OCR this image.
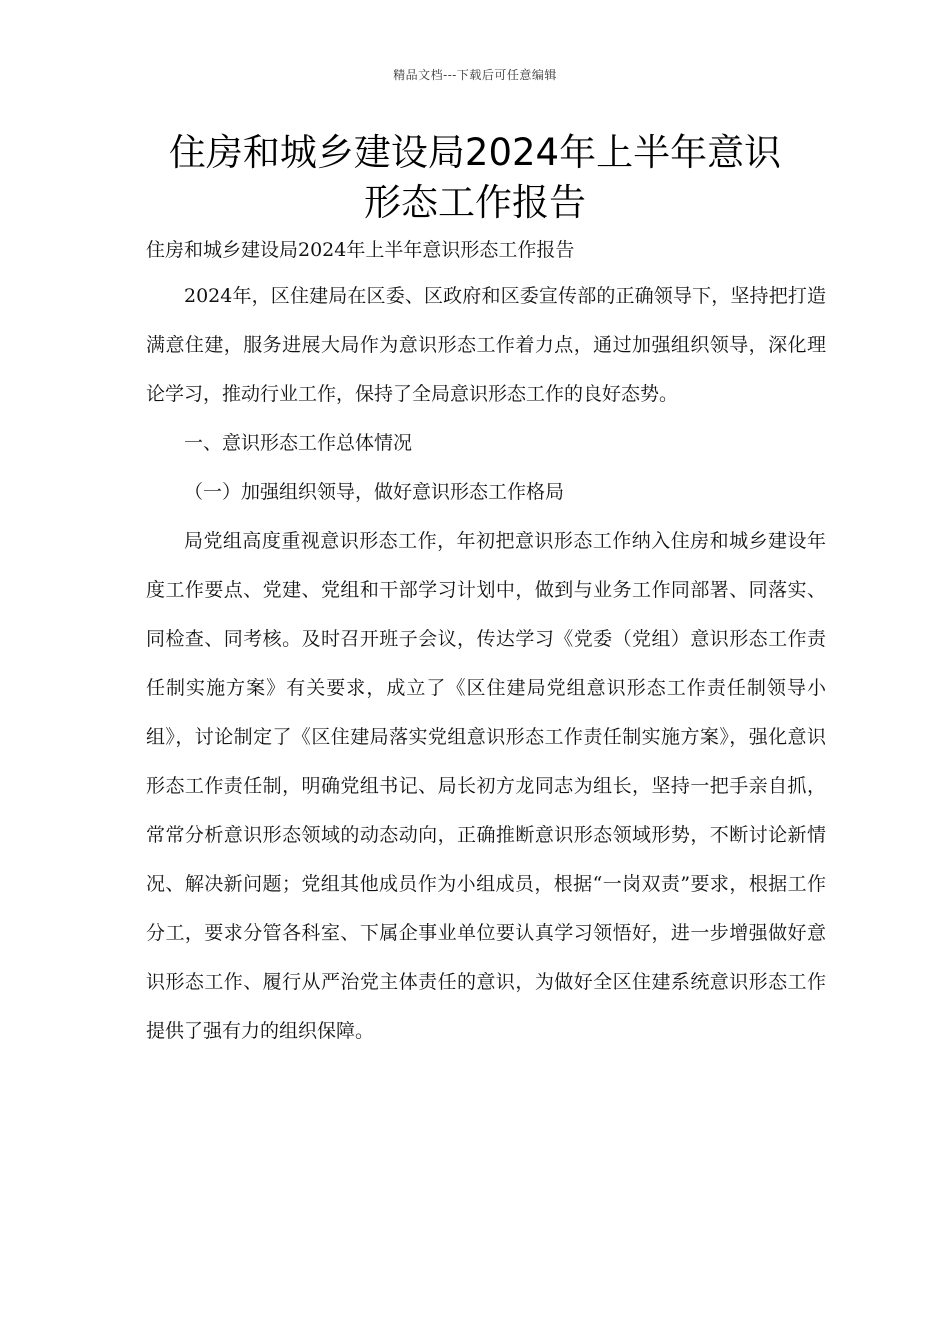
精品文档---下载后可任意编辑
住房和城乡建设局2024年上半年意识
形态工作报告

住房和城乡建设局2024年上半年意识形态工作报告

2024年，区住建局在区委、区政府和区委宣传部的正确领导下，坚持把打造满意住建，服务进展大局作为意识形态工作着力点，通过加强组织领导，深化理论学习，推动行业工作，保持了全局意识形态工作的良好态势。

一、意识形态工作总体情况

（一）加强组织领导，做好意识形态工作格局

局党组高度重视意识形态工作，年初把意识形态工作纳入住房和城乡建设年度工作要点、党建、党组和干部学习计划中，做到与业务工作同部署、同落实、同检查、同考核。及时召开班子会议，传达学习《党委（党组）意识形态工作责任制实施方案》有关要求，成立了《区住建局党组意识形态工作责任制领导小组》，讨论制定了《区住建局落实党组意识形态工作责任制实施方案》，强化意识形态工作责任制，明确党组书记、局长初方龙同志为组长，坚持一把手亲自抓，常常分析意识形态领域的动态动向，正确推断意识形态领域形势，不断讨论新情况、解决新问题；党组其他成员作为小组成员，根据“一岗双责”要求，根据工作分工，要求分管各科室、下属企事业单位要认真学习领悟好，进一步增强做好意识形态工作、履行从严治党主体责任的意识，为做好全区住建系统意识形态工作提供了强有力的组织保障。
